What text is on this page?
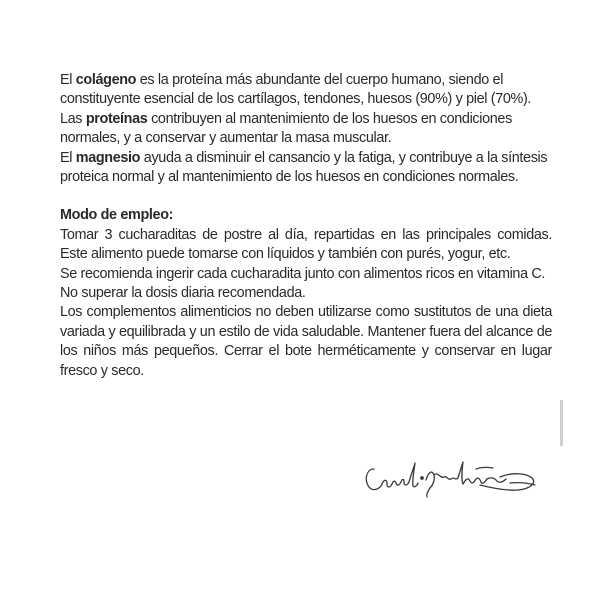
El colágeno es la proteína más abundante del cuerpo humano, siendo el constituyente esencial de los cartílagos, tendones, huesos (90%) y piel (70%).

Las proteínas contribuyen al mantenimiento de los huesos en condiciones normales, y a conservar y aumentar la masa muscular.

El magnesio ayuda a disminuir el cansancio y la fatiga, y contribuye a la síntesis proteica normal y al mantenimiento de los huesos en condiciones normales.

Modo de empleo:

Tomar 3 cucharaditas de postre al día, repartidas en las principales comidas. Este alimento puede tomarse con líquidos y también con purés, yogur, etc.

Se recomienda ingerir cada cucharadita junto con alimentos ricos en vitamina C.

No superar la dosis diaria recomendada.

Los complementos alimenticios no deben utilizarse como sustitutos de una dieta variada y equilibrada y un estilo de vida saludable. Mantener fuera del alcance de los niños más pequeños. Cerrar el bote herméticamente y conservar en lugar fresco y seco.
